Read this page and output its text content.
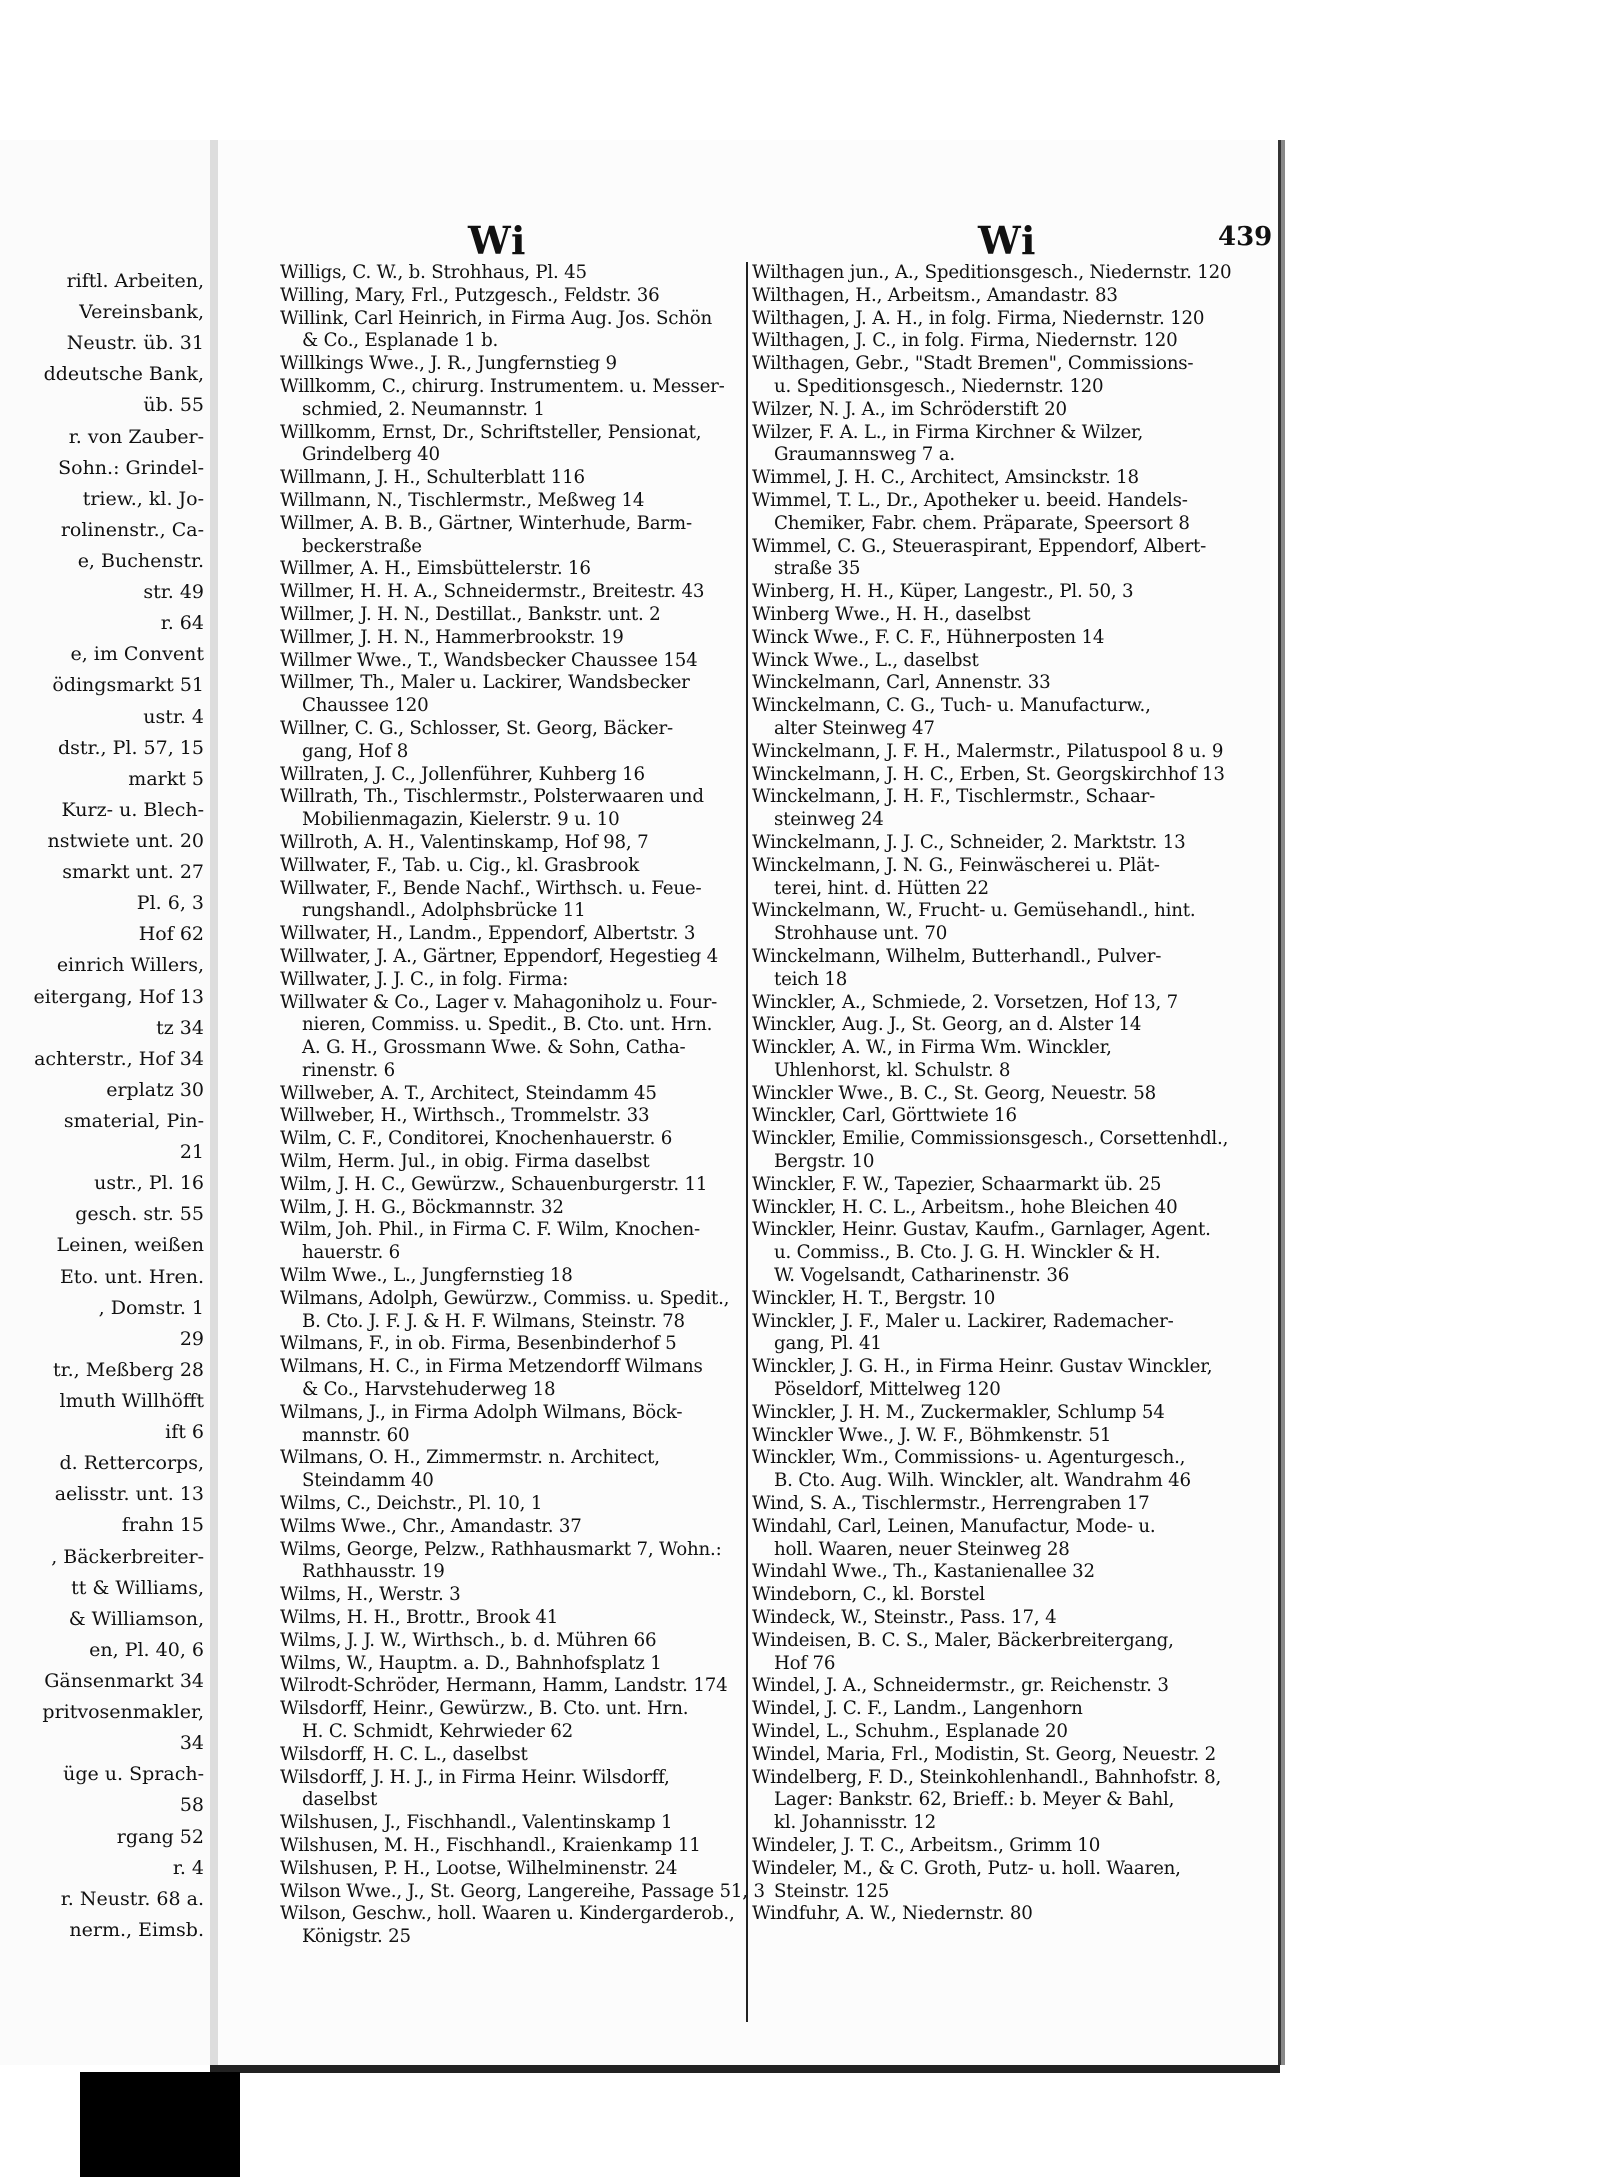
riftl. Arbeiten,
Vereinsbank,
Neustr. üb. 31
ddeutsche Bank,
üb. 55
r. von Zauber-
Sohn.: Grindel-
triew., kl. Jo-
rolinenstr., Ca-
e, Buchenstr.
str. 49
r. 64
e, im Convent
ödingsmarkt 51
ustr. 4
dstr., Pl. 57, 15
markt 5
Kurz- u. Blech-
nstwiete unt. 20
smarkt unt. 27
Pl. 6, 3
Hof 62
einrich Willers,
eitergang, Hof 13
tz 34
achterstr., Hof 34
erplatz 30
smaterial, Pin-
21
ustr., Pl. 16
gesch. str. 55
Leinen, weißen
Eto. unt. Hren.
, Domstr. 1
29
tr., Meßberg 28
lmuth Willhöfft
ift 6
d. Rettercorps,
aelisstr. unt. 13
frahn 15
, Bäckerbreiter-
tt & Williams,
& Williamson,
en, Pl. 40, 6
Gänsenmarkt 34
pritvosenmakler,
34
üge u. Sprach-
58
rgang 52
r. 4
r. Neustr. 68 a.
nerm., Eimsb.
Wi	Wi	439
Willigs, C. W., b. Strohhaus, Pl. 45
Willing, Mary, Frl., Putzgesch., Feldstr. 36
Willink, Carl Heinrich, in Firma Aug. Jos. Schön
& Co., Esplanade 1 b.
Willkings Wwe., J. R., Jungfernstieg 9
Willkomm, C., chirurg. Instrumentem. u. Messer-
schmied, 2. Neumannstr. 1
Willkomm, Ernst, Dr., Schriftsteller, Pensionat,
Grindelberg 40
Willmann, J. H., Schulterblatt 116
Willmann, N., Tischlermstr., Meßweg 14
Willmer, A. B. B., Gärtner, Winterhude, Barm-
beckerstraße
Willmer, A. H., Eimsbüttelerstr. 16
Willmer, H. H. A., Schneidermstr., Breitestr. 43
Willmer, J. H. N., Destillat., Bankstr. unt. 2
Willmer, J. H. N., Hammerbrookstr. 19
Willmer Wwe., T., Wandsbecker Chaussee 154
Willmer, Th., Maler u. Lackirer, Wandsbecker
Chaussee 120
Willner, C. G., Schlosser, St. Georg, Bäcker-
gang, Hof 8
Willraten, J. C., Jollenführer, Kuhberg 16
Willrath, Th., Tischlermstr., Polsterwaaren und
Mobilienmagazin, Kielerstr. 9 u. 10
Willroth, A. H., Valentinskamp, Hof 98, 7
Willwater, F., Tab. u. Cig., kl. Grasbrook
Willwater, F., Bende Nachf., Wirthsch. u. Feue-
rungshandl., Adolphsbrücke 11
Willwater, H., Landm., Eppendorf, Albertstr. 3
Willwater, J. A., Gärtner, Eppendorf, Hegestieg 4
Willwater, J. J. C., in folg. Firma:
Willwater & Co., Lager v. Mahagoniholz u. Four-
nieren, Commiss. u. Spedit., B. Cto. unt. Hrn.
A. G. H., Grossmann Wwe. & Sohn, Catha-
rinenstr. 6
Willweber, A. T., Architect, Steindamm 45
Willweber, H., Wirthsch., Trommelstr. 33
Wilm, C. F., Conditorei, Knochenhauerstr. 6
Wilm, Herm. Jul., in obig. Firma daselbst
Wilm, J. H. C., Gewürzw., Schauenburgerstr. 11
Wilm, J. H. G., Böckmannstr. 32
Wilm, Joh. Phil., in Firma C. F. Wilm, Knochen-
hauerstr. 6
Wilm Wwe., L., Jungfernstieg 18
Wilmans, Adolph, Gewürzw., Commiss. u. Spedit.,
B. Cto. J. F. J. & H. F. Wilmans, Steinstr. 78
Wilmans, F., in ob. Firma, Besenbinderhof 5
Wilmans, H. C., in Firma Metzendorff Wilmans
& Co., Harvstehuderweg 18
Wilmans, J., in Firma Adolph Wilmans, Böck-
mannstr. 60
Wilmans, O. H., Zimmermstr. n. Architect,
Steindamm 40
Wilms, C., Deichstr., Pl. 10, 1
Wilms Wwe., Chr., Amandastr. 37
Wilms, George, Pelzw., Rathhausmarkt 7, Wohn.:
Rathhausstr. 19
Wilms, H., Werstr. 3
Wilms, H. H., Brottr., Brook 41
Wilms, J. J. W., Wirthsch., b. d. Mühren 66
Wilms, W., Hauptm. a. D., Bahnhofsplatz 1
Wilrodt-Schröder, Hermann, Hamm, Landstr. 174
Wilsdorff, Heinr., Gewürzw., B. Cto. unt. Hrn.
H. C. Schmidt, Kehrwieder 62
Wilsdorff, H. C. L., daselbst
Wilsdorff, J. H. J., in Firma Heinr. Wilsdorff,
daselbst
Wilshusen, J., Fischhandl., Valentinskamp 1
Wilshusen, M. H., Fischhandl., Kraienkamp 11
Wilshusen, P. H., Lootse, Wilhelminenstr. 24
Wilson Wwe., J., St. Georg, Langereihe, Passage 51, 3
Wilson, Geschw., holl. Waaren u. Kindergarderob.,
Königstr. 25
Wilthagen jun., A., Speditionsgesch., Niedernstr. 120
Wilthagen, H., Arbeitsm., Amandastr. 83
Wilthagen, J. A. H., in folg. Firma, Niedernstr. 120
Wilthagen, J. C., in folg. Firma, Niedernstr. 120
Wilthagen, Gebr., "Stadt Bremen", Commissions-
u. Speditionsgesch., Niedernstr. 120
Wilzer, N. J. A., im Schröderstift 20
Wilzer, F. A. L., in Firma Kirchner & Wilzer,
Graumannsweg 7 a.
Wimmel, J. H. C., Architect, Amsinckstr. 18
Wimmel, T. L., Dr., Apotheker u. beeid. Handels-
Chemiker, Fabr. chem. Präparate, Speersort 8
Wimmel, C. G., Steueraspirant, Eppendorf, Albert-
straße 35
Winberg, H. H., Küper, Langestr., Pl. 50, 3
Winberg Wwe., H. H., daselbst
Winck Wwe., F. C. F., Hühnerposten 14
Winck Wwe., L., daselbst
Winckelmann, Carl, Annenstr. 33
Winckelmann, C. G., Tuch- u. Manufacturw.,
alter Steinweg 47
Winckelmann, J. F. H., Malermstr., Pilatuspool 8 u. 9
Winckelmann, J. H. C., Erben, St. Georgskirchhof 13
Winckelmann, J. H. F., Tischlermstr., Schaar-
steinweg 24
Winckelmann, J. J. C., Schneider, 2. Marktstr. 13
Winckelmann, J. N. G., Feinwäscherei u. Plät-
terei, hint. d. Hütten 22
Winckelmann, W., Frucht- u. Gemüsehandl., hint.
Strohhause unt. 70
Winckelmann, Wilhelm, Butterhandl., Pulver-
teich 18
Winckler, A., Schmiede, 2. Vorsetzen, Hof 13, 7
Winckler, Aug. J., St. Georg, an d. Alster 14
Winckler, A. W., in Firma Wm. Winckler,
Uhlenhorst, kl. Schulstr. 8
Winckler Wwe., B. C., St. Georg, Neuestr. 58
Winckler, Carl, Görttwiete 16
Winckler, Emilie, Commissionsgesch., Corsettenhdl.,
Bergstr. 10
Winckler, F. W., Tapezier, Schaarmarkt üb. 25
Winckler, H. C. L., Arbeitsm., hohe Bleichen 40
Winckler, Heinr. Gustav, Kaufm., Garnlager, Agent.
u. Commiss., B. Cto. J. G. H. Winckler & H.
W. Vogelsandt, Catharinenstr. 36
Winckler, H. T., Bergstr. 10
Winckler, J. F., Maler u. Lackirer, Rademacher-
gang, Pl. 41
Winckler, J. G. H., in Firma Heinr. Gustav Winckler,
Pöseldorf, Mittelweg 120
Winckler, J. H. M., Zuckermakler, Schlump 54
Winckler Wwe., J. W. F., Böhmkenstr. 51
Winckler, Wm., Commissions- u. Agenturgesch.,
B. Cto. Aug. Wilh. Winckler, alt. Wandrahm 46
Wind, S. A., Tischlermstr., Herrengraben 17
Windahl, Carl, Leinen, Manufactur, Mode- u.
holl. Waaren, neuer Steinweg 28
Windahl Wwe., Th., Kastanienallee 32
Windeborn, C., kl. Borstel
Windeck, W., Steinstr., Pass. 17, 4
Windeisen, B. C. S., Maler, Bäckerbreitergang,
Hof 76
Windel, J. A., Schneidermstr., gr. Reichenstr. 3
Windel, J. C. F., Landm., Langenhorn
Windel, L., Schuhm., Esplanade 20
Windel, Maria, Frl., Modistin, St. Georg, Neuestr. 2
Windelberg, F. D., Steinkohlenhandl., Bahnhofstr. 8,
Lager: Bankstr. 62, Brieff.: b. Meyer & Bahl,
kl. Johannisstr. 12
Windeler, J. T. C., Arbeitsm., Grimm 10
Windeler, M., & C. Groth, Putz- u. holl. Waaren,
Steinstr. 125
Windfuhr, A. W., Niedernstr. 80
